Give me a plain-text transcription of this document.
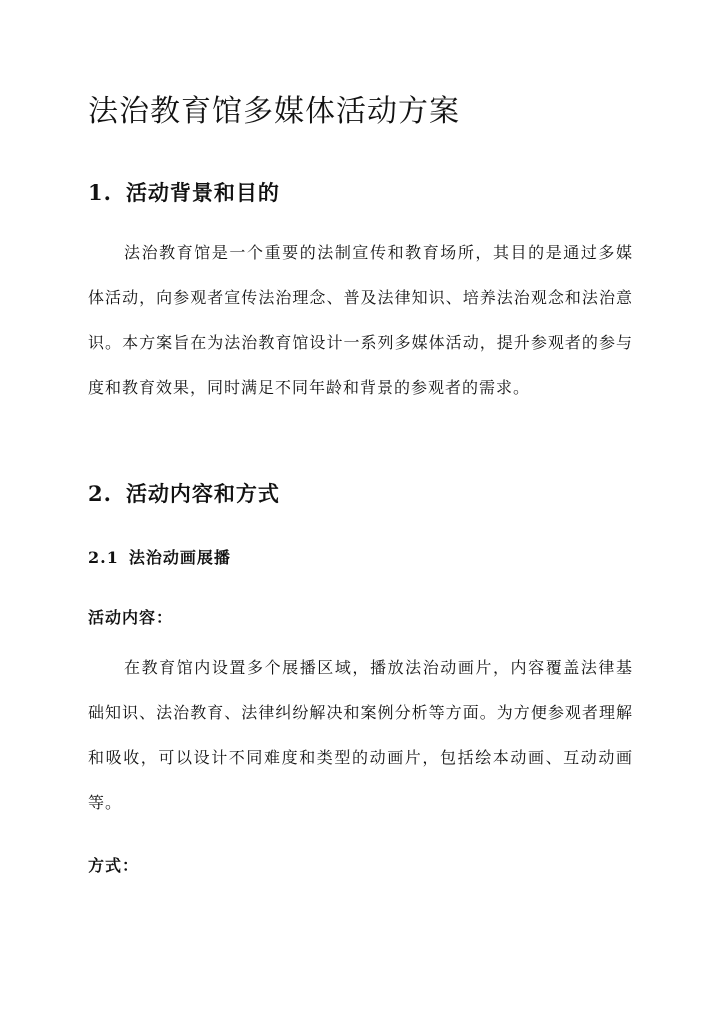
法治教育馆多媒体活动方案
1. 活动背景和目的

法治教育馆是一个重要的法制宣传和教育场所，其目的是通过多媒体活动，向参观者宣传法治理念、普及法律知识、培养法治观念和法治意识。本方案旨在为法治教育馆设计一系列多媒体活动，提升参观者的参与度和教育效果，同时满足不同年龄和背景的参观者的需求。

2. 活动内容和方式
2.1 法治动画展播

活动内容：

在教育馆内设置多个展播区域，播放法治动画片，内容覆盖法律基础知识、法治教育、法律纠纷解决和案例分析等方面。为方便参观者理解和吸收，可以设计不同难度和类型的动画片，包括绘本动画、互动动画等。

方式：
